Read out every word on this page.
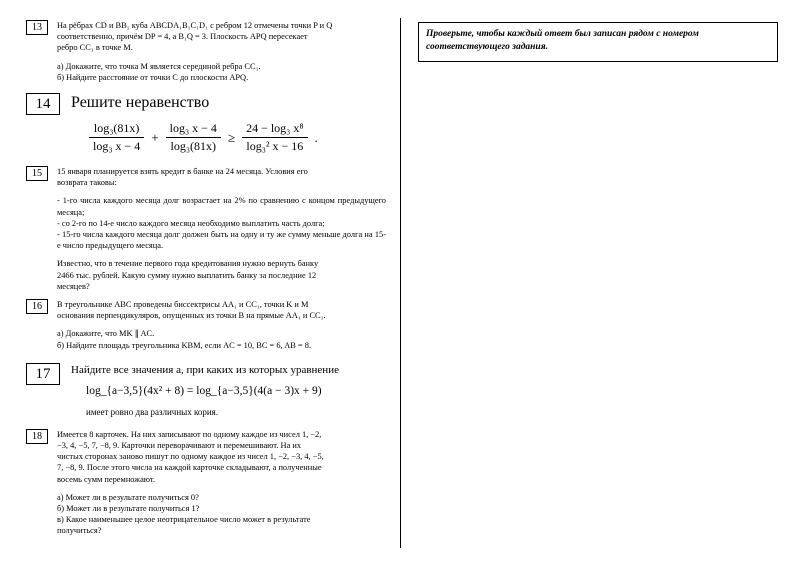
13	На рёбрах CD и BB₁ куба ABCDA₁B₁C₁D₁ с ребром 12 отмечены точки P и Q

соответственно, причём DP = 4, а B₁Q = 3. Плоскость APQ пересекает

ребро CC₁ в точке M.

а) Докажите, что точка M является серединой ребра CC₁.

б) Найдите расстояние от точки C до плоскости APQ.

14	Решите неравенство
$\frac{\text{log₃(81x)}}{\text{log₃ x − 4}} + \frac{\text{log₃ x − 4}}{\text{log₃(81x)}} \ge \frac{\text{24 − log₃ x⁸}}{\text{log₃² x − 16}}$ .
15	15 января планируется взять кредит в банке на 24 месяца. Условия его

возврата таковы:

- 1-го числа каждого месяца долг возрастает на 2% по сравнению с концом предыдущего месяца;

- со 2-го по 14-е число каждого месяца необходимо выплатить часть долга;

- 15-го числа каждого месяца долг должен быть на одну и ту же сумму меньше долга на 15-е число предыдущего месяца.

Известно, что в течение первого года кредитования нужно вернуть банку

2466 тыс. рублей. Какую сумму нужно выплатить банку за последние 12

месяцев?

16	В треугольнике ABC проведены биссектрисы AA₁ и CC₁, точки K и M

основания перпендикуляров, опущенных из точки B на прямые AA₁ и CC₁.

а) Докажите, что MK ∥ AC.

б) Найдите площадь треугольника KBM, если AC = 10, BC = 6, AB = 8.

17	Найдите все значения a, при каких из которых уравнение
log_{a−3,5}(4x² + 8) = log_{a−3,5}(4(a − 3)x + 9)
имеет ровно два различных кория.
18	Имеется 8 карточек. На них записывают по одному каждое из чисел 1, −2,

−3, 4, −5, 7, −8, 9. Карточки переворачивают и перемешивают. На их

чистых сторонах заново пишут по одному каждое из чисел 1, −2, −3, 4, −5,

7, −8, 9. После этого числа на каждой карточке складывают, а полученные

восемь сумм перемножают.

а) Может ли в результате получиться 0?

б) Может ли в результате получиться 1?

в) Какое наименьшее целое неотрицательное число может в результате

получиться?

Проверьте, чтобы каждый ответ был записан рядом с номером
соответствующего задания.
